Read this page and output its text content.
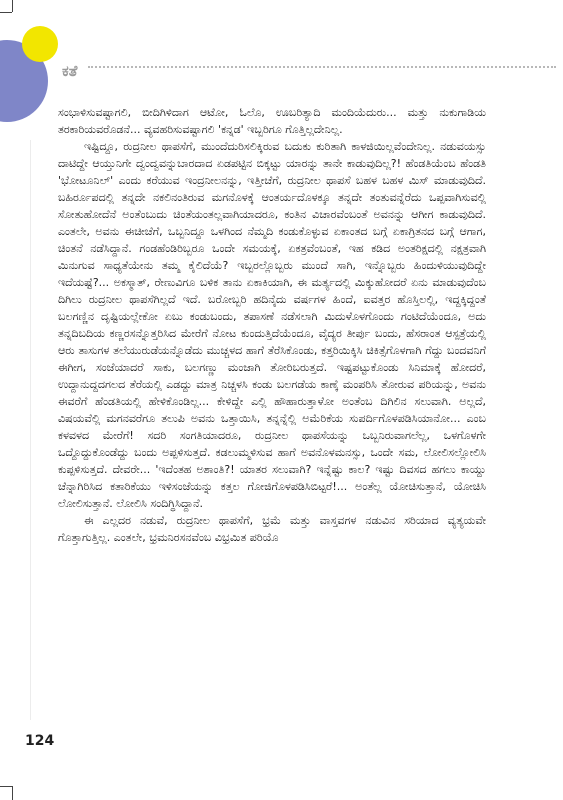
ಕತೆ

ಸಂಭಾಳಿಸುವಷ್ಟಾಗಲಿ, ಬೀದಿಗಿಳಿದಾಗ ಆಟೋ, ಓಲೊ, ಊಬರಿತ್ಯಾದಿ ಮಂದಿಯೆದುರು... ಮತ್ತು ನುಕುಗಾಡಿಯ ತರಕಾರಿಯವರೊಡನೆ... ವ್ಯವಹರಿಸುವಷ್ಟಾಗಲಿ 'ಕನ್ನಡ' ಇಬ್ಬರಿಗೂ ಗೊತ್ತಿಲ್ಲದೇನಿಲ್ಲ.

ಇಷ್ಟಿದ್ದೂ, ರುದ್ರನೀಲ ಥಾಪಸೆಗೆ, ಮುಂದೆದುರಿಸಲಿಕ್ಕಿರುವ ಬದುಕು ಕುರಿತಾಗಿ ಕಾಳಜಿಯಿಲ್ಲವೆಂದೇನಿಲ್ಲ. ನಡುವಯಸ್ಸು ದಾಟಿದ್ದೇ ಆಯ್ತುನಿಗೇ ದ್ವಂದ್ವವನ್ನುಬಾರದಾದ ಏಡಪಟ್ಟಿನ ಬಿಕ್ಕಟ್ಟು ಯಾರನ್ನು ತಾನೇ ಕಾಡುವುದಿಲ್ಲ?! ಹೆಂಡತಿಯೆಂಬ ಹೆಂಡತಿ 'ಭೋಟೂನಿಲ್' ಎಂದು ಕರೆಯುವ ಇಂದ್ರನೀಲನನ್ನು, ಇತ್ತೀಚೆಗೆ, ರುದ್ರನೀಲ ಥಾಪಸೆ ಬಹಳ ಬಹಳ ಮಿಸ್ ಮಾಡುವುದಿದೆ. ಬಹಿರ್ರೂಪದಲ್ಲಿ ತನ್ನದೇ ನಕಲಿನಂತಿರುವ ಮಗನೊಳಕ್ಕೆ ಆಂತರ್ಯದೊಳಕ್ಕೂ ತನ್ನದೇ ತಂತುವನ್ನೆರೆದು ಒಪ್ಪವಾಗಿಸುವಲ್ಲಿ ಸೋತುಹೋದೆನೆ ಅಂತೆಂಬುದು ಚಿಂತೆಯಂತಲ್ಲವಾಗಿಯಾದರೂ, ಕಂತಿನ ವಿಚಾರವೆಂಬಂತೆ ಅವನನ್ನು ಆಗೀಗ ಕಾಡುವುದಿದೆ. ಎಂತಲೇ, ಅವನು ಈಚೀಚೆಗೆ, ಒಬ್ಬನಿದ್ದೂ ಒಳಗಿಂದ ನೆಮ್ಮದಿ ಕಂಡುಕೊಳ್ಳುವ ಏಕಾಂತದ ಬಗ್ಗೆ ಏಕಾಗ್ರಿತನದ ಬಗ್ಗೆ ಆಗಾಗ, ಚಿಂತನೆ ನಡೆಸಿದ್ದಾನೆ. ಗಂಡಹೆಂಡಿರಿಬ್ಬರೂ ಒಂದೇ ಸಮಯಕ್ಕೆ, ಏಕತ್ರವೆಂಬಂತೆ, ಇಹ ಕಡಿದ ಅಂತರಿಕ್ಷದಲ್ಲಿ ನಕ್ಷತ್ರವಾಗಿ ಮಿನುಗುವ ಸಾಧ್ಯತೆಯೇನು ತಮ್ಮ ಕೈಲಿದೆಯೆ? ಇಬ್ಬರಲ್ಲೊಬ್ಬರು ಮುಂದೆ ಸಾಗಿ, ಇನ್ನೊಬ್ಬರು ಹಿಂದುಳಿಯುವುದಿದ್ದೇ ಇದೆಯಷ್ಟೆ?... ಅಕಸ್ಮಾತ್, ರೇಣುವಿಗೂ ಬಳಿಕ ತಾನು ಏಕಾಕಿಯಾಗಿ, ಈ ಮರ್ತ್ಯದಲ್ಲಿ ಮಿಕ್ಕುಹೋದರೆ ಏನು ಮಾಡುವುದೆಂಬ ದಿಗಿಲು ರುದ್ರನೀಲ ಥಾಪಸೆಗಿಲ್ಲದೆ ಇದೆ. ಬರೋಬ್ಬರಿ ಹದಿನೈದು ವರ್ಷಗಳ ಹಿಂದೆ, ಐವತ್ತರ ಹೊಸ್ತಿಲಲ್ಲಿ, ಇದ್ದಕ್ಕಿದ್ದಂತೆ ಬಲಗಣ್ಣಿನ ದೃಷ್ಟಿಯಲ್ಲೇಕೋ ಏಬು ಕಂಡುಬಂದು, ತಪಾಸಣೆ ನಡೆಸಲಾಗಿ ಮಿದುಳೊಳಗೊಂದು ಗಂಟಿದೆಯೆಂದೂ, ಅದು ತನ್ನದಿಬದಿಯ ಕಣ್ಣರಸನ್ನೊತ್ತರಿಸಿದ ಮೇರೆಗೆ ನೋಟ ಕುಂದುತ್ತಿದೆಯೆಂದೂ, ವೈದ್ಯರ ತೀರ್ಪು ಬಂದು, ಹೆಸರಾಂತ ಆಸ್ಪತ್ರೆಯಲ್ಲಿ ಆರು ತಾಸುಗಳ ತಲೆಯುರುಡೆಯನ್ನೊಡೆದು ಮುಚ್ಚಳದ ಹಾಗೆ ತೆರೆಸಿಕೊಂಡು, ಕತ್ತರಿಯಿಕ್ಕಿಸಿ ಚಿಕಿತ್ಸೆಗೊಳಗಾಗಿ ಗೆದ್ದು ಬಂದವನಿಗೆ ಈಗೀಗ, ಸಂಜೆಯಾದರೆ ಸಾಕು, ಬಲಗಣ್ಣು ಮಂಜಾಗಿ ತೋರಿಬರುತ್ತದೆ. ಇಷ್ಟಪಟ್ಟುಕೊಂಡು ಸಿನಿಮಾಕ್ಕೆ ಹೋದರೆ, ಉದ್ದಾನುದ್ದದಗಲದ ತೆರೆಯಲ್ಲಿ ಎಡದ್ದು ಮಾತ್ರ ನಿಚ್ಚಳಸಿ ಕಂಡು ಬಲಗಡೆಯ ಕಾಣ್ಕೆ ಮಂಪರಿಸಿ ತೋರುವ ಪರಿಯನ್ನು, ಅವನು ಈವರೆಗೆ ಹೆಂಡತಿಯಲ್ಲಿ ಹೇಳಿಕೊಂಡಿಲ್ಲ... ಕೇಳಿದ್ದೇ ಎಲ್ಲಿ ಹೌಹಾರುತ್ತಾಳೋ ಅಂತೆಂಬ ದಿಗಿಲಿನ ಸಲುವಾಗಿ. ಅಲ್ಲದೆ, ವಿಷಯವೆಲ್ಲಿ ಮಗನವರೆಗೂ ತಲುಪಿ ಅವನು ಒತ್ತಾಯಿಸಿ, ತನ್ನನ್ನೆಲ್ಲಿ ಅಮೆರಿಕೆಯ ಸುಪರ್ದಿಗೊಳಪಡಿಸಿಯಾನೋ... ಎಂಬ ಕಳವಳದ ಮೇರೆಗೆ! ಸದರಿ ಸಂಗತಿಯಾದರೂ, ರುದ್ರನೀಲ ಥಾಪಸೆಯನ್ನು ಒಬ್ಬನಿರುವಾಗಲೆಲ್ಲ, ಒಳಗೊಳಗೇ ಒದ್ದೊದ್ದುಕೊಂಡೆದ್ದು ಬಂದು ಅಪ್ಪಳಿಸುತ್ತದೆ. ಕಡಲುಮ್ಮಳಿಸುವ ಹಾಗೆ ಅವನೊಳಮನಸ್ಸು, ಒಂದೇ ಸಮ, ಲೋಲಿಸಲ್ಲೋಲಿಸಿ ಕುಪ್ಪಳಿಸುತ್ತದೆ. ದೇವರೇ... 'ಇದೆಂತಹ ಅಶಾಂತಿ?! ಯಾತರ ಸಲುವಾಗಿ? ಇನ್ನೆಷ್ಟು ಕಾಲ? ಇಷ್ಟು ದಿವಸದ ಹಗಲು ಕಾಯ್ದು ಚೆನ್ನಾಗಿರಿಸಿದ ಕತಾರಿಕೆಯು ಇಳಿಸಂಜೆಯನ್ನು ಕತ್ತಲ ಗೋಜಿಗೊಳಪಡಿಸಿಬಿಟ್ಟರೆ!... ಅಂತೆಲ್ಲ ಯೋಚಿಸುತ್ತಾನೆ, ಯೋಚಿಸಿ ಲೋಲಿಸುತ್ತಾನೆ. ಲೋಲಿಸಿ ಸಂದಿಗ್ಧಿಸಿದ್ದಾನೆ.

ಈ ಎಲ್ಲದರ ನಡುವೆ, ರುದ್ರನೀಲ ಥಾಪಸೆಗೆ, ಭ್ರಮೆ ಮತ್ತು ವಾಸ್ತವಗಳ ನಡುವಿನ ಸರಿಯಾದ ವ್ಯತ್ಯಯವೇ ಗೊತ್ತಾಗುತ್ತಿಲ್ಲ. ಎಂತಲೇ, ಭ್ರಮನಿರಸನವೆಂಬ ವಿಭ್ರಮಿತ ಪರಿಯೊ

124
